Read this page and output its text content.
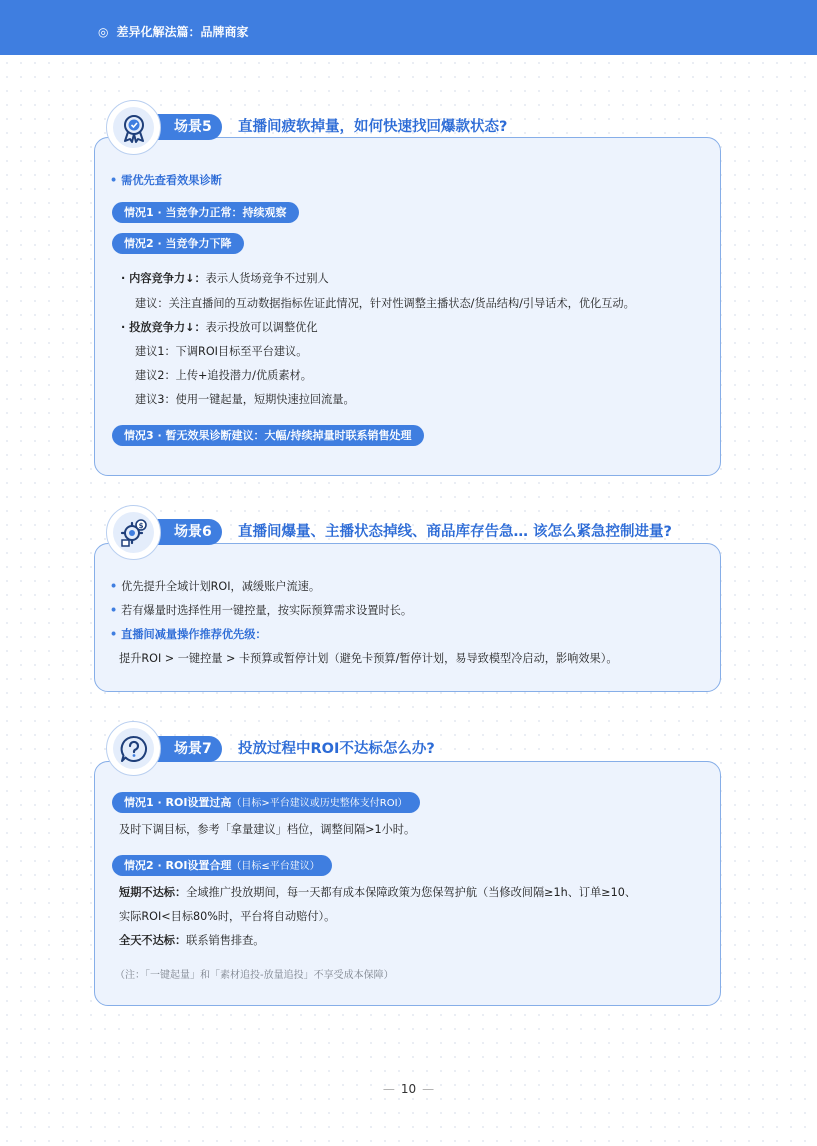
◎ 差异化解法篇：品牌商家
• 需优先查看效果诊断
情况1 · 当竞争力正常：持续观察
情况2 · 当竞争力下降
· 内容竞争力↓：表示人货场竞争不过别人
建议：关注直播间的互动数据指标佐证此情况，针对性调整主播状态/货品结构/引导话术，优化互动。
· 投放竞争力↓：表示投放可以调整优化
建议1：下调ROI目标至平台建议。
建议2：上传+追投潜力/优质素材。
建议3：使用一键起量，短期快速拉回流量。
情况3 · 暂无效果诊断建议：大幅/持续掉量时联系销售处理
场景5	直播间疲软掉量，如何快速找回爆款状态?
• 优先提升全域计划ROI，减缓账户流速。
• 若有爆量时选择性用一键控量，按实际预算需求设置时长。
• 直播间减量操作推荐优先级：
提升ROI > 一键控量 > 卡预算或暂停计划（避免卡预算/暂停计划，易导致模型冷启动，影响效果）。
场景6	直播间爆量、主播状态掉线、商品库存告急… 该怎么紧急控制进量?
$
情况1 · ROI设置过高（目标>平台建议或历史整体支付ROI）
及时下调目标，参考「拿量建议」档位，调整间隔>1小时。
情况2 · ROI设置合理（目标≤平台建议）
短期不达标：全域推广投放期间，每一天都有成本保障政策为您保驾护航（当修改间隔≥1h、订单≥10、
实际ROI<目标80%时，平台将自动赔付）。
全天不达标：联系销售排查。
（注：「一键起量」和「素材追投-放量追投」不享受成本保障）
场景7	投放过程中ROI不达标怎么办?
— 10 —
